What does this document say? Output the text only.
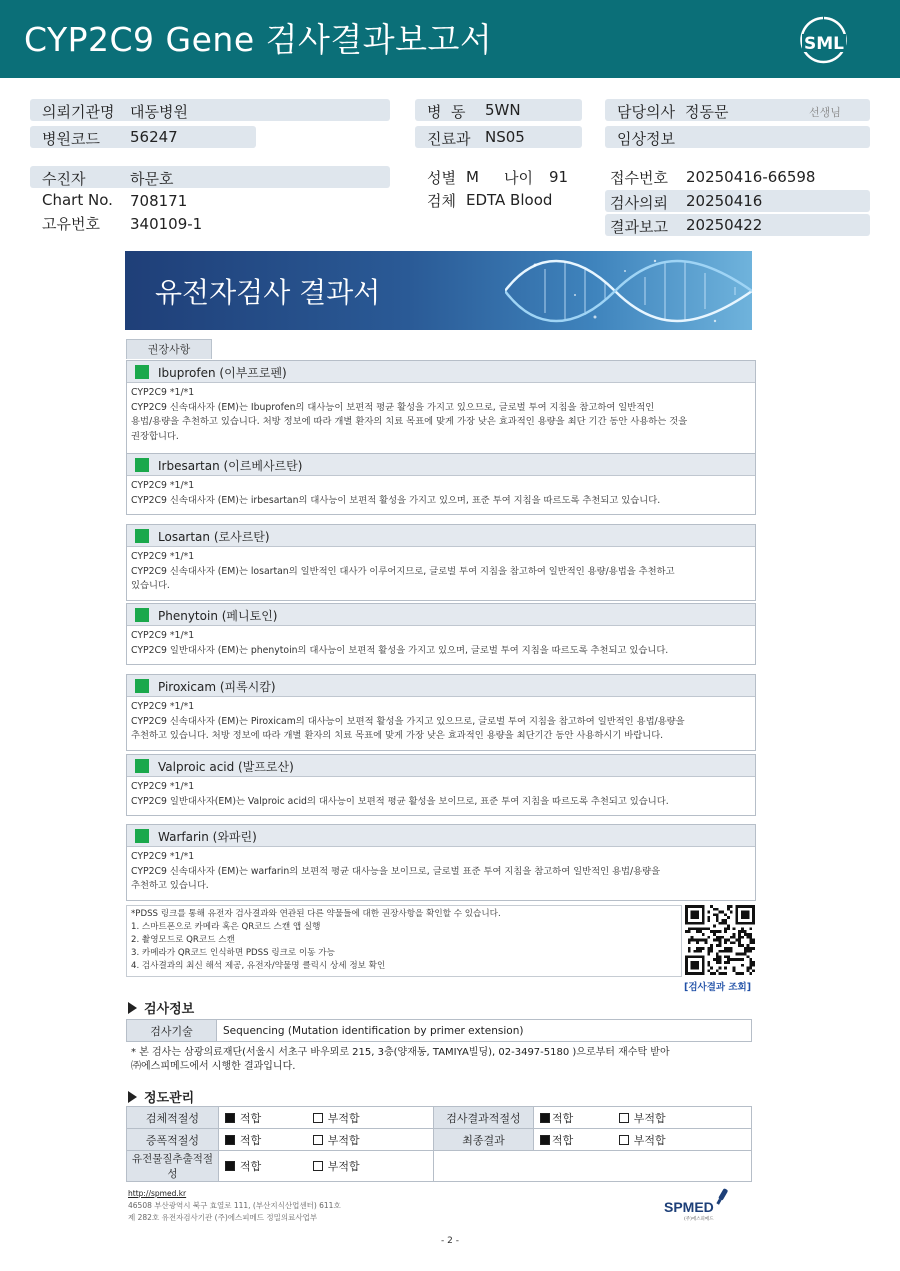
CYP2C9 Gene 검사결과보고서	SML
의뢰기관명 대동병원
병원코드 56247
병  동 5WN
진료과 NS05
담당의사 정동문	선생님
임상정보
수진자	하문호
Chart No. 708171
고유번호 340109-1
성별 M 나이 91
검체 EDTA Blood
접수번호 20250416-66598
검사의뢰 20250416
결과보고 20250422
유전자검사 결과서
권장사항
Ibuprofen (이부프로펜)
CYP2C9 *1/*1
CYP2C9 신속대사자 (EM)는 Ibuprofen의 대사능이 보편적 평균 활성을 가지고 있으므로, 글로벌 투여 지침을 참고하여 일반적인
용법/용량을 추천하고 있습니다. 처방 정보에 따라 개별 환자의 치료 목표에 맞게 가장 낮은 효과적인 용량을 최단 기간 동안 사용하는 것을
권장합니다.
Irbesartan (이르베사르탄)
CYP2C9 *1/*1
CYP2C9 신속대사자 (EM)는 irbesartan의 대사능이 보편적 활성을 가지고 있으며, 표준 투여 지침을 따르도록 추천되고 있습니다.
Losartan (로사르탄)
CYP2C9 *1/*1
CYP2C9 신속대사자 (EM)는 losartan의 일반적인 대사가 이루어지므로, 글로벌 투여 지침을 참고하여 일반적인 용량/용법을 추천하고
있습니다.
Phenytoin (페니토인)
CYP2C9 *1/*1
CYP2C9 일반대사자 (EM)는 phenytoin의 대사능이 보편적 활성을 가지고 있으며, 글로벌 투여 지침을 따르도록 추천되고 있습니다.
Piroxicam (피록시캄)
CYP2C9 *1/*1
CYP2C9 신속대사자 (EM)는 Piroxicam의 대사능이 보편적 활성을 가지고 있으므로, 글로벌 투여 지침을 참고하여 일반적인 용법/용량을
추천하고 있습니다. 처방 정보에 따라 개별 환자의 치료 목표에 맞게 가장 낮은 효과적인 용량을 최단기간 동안 사용하시기 바랍니다.
Valproic acid (발프로산)
CYP2C9 *1/*1
CYP2C9 일반대사자(EM)는 Valproic acid의 대사능이 보편적 평균 활성을 보이므로, 표준 투여 지침을 따르도록 추천되고 있습니다.
Warfarin (와파린)
CYP2C9 *1/*1
CYP2C9 신속대사자 (EM)는 warfarin의 보편적 평균 대사능을 보이므로, 글로벌 표준 투여 지침을 참고하여 일반적인 용법/용량을
추천하고 있습니다.
*PDSS 링크를 통해 유전자 검사결과와 연관된 다른 약물들에 대한 권장사항을 확인할 수 있습니다.
1. 스마트폰으로 카메라 혹은 QR코드 스캔 앱 실행
2. 촬영모드로 QR코드 스캔
3. 카메라가 QR코드 인식하면 PDSS 링크로 이동 가능
4. 검사결과의 최신 해석 제공, 유전자/약물명 클릭시 상세 정보 확인
[검사결과 조회]
검사정보
검사기술	Sequencing (Mutation identification by primer extension)
* 본 검사는 삼광의료재단(서울시 서초구 바우뫼로 215, 3층(양재동, TAMIYA빌딩), 02-3497-5180 )으로부터 재수탁 받아
㈜에스피메드에서 시행한 결과입니다.
정도관리
검체적절성	적합 부적합	검사결과적절성	적합 부적합
증폭적절성	적합 부적합	최종결과	적합 부적합
유전물질추출적절성	적합 부적합		
http://spmed.kr
46508 부산광역시 북구 효열로 111, (부산지식산업센터) 611호
제 282호 유전자검사기관 (주)에스피메드 정밀의료사업부
SPMED
(주)에스피메드
- 2 -
